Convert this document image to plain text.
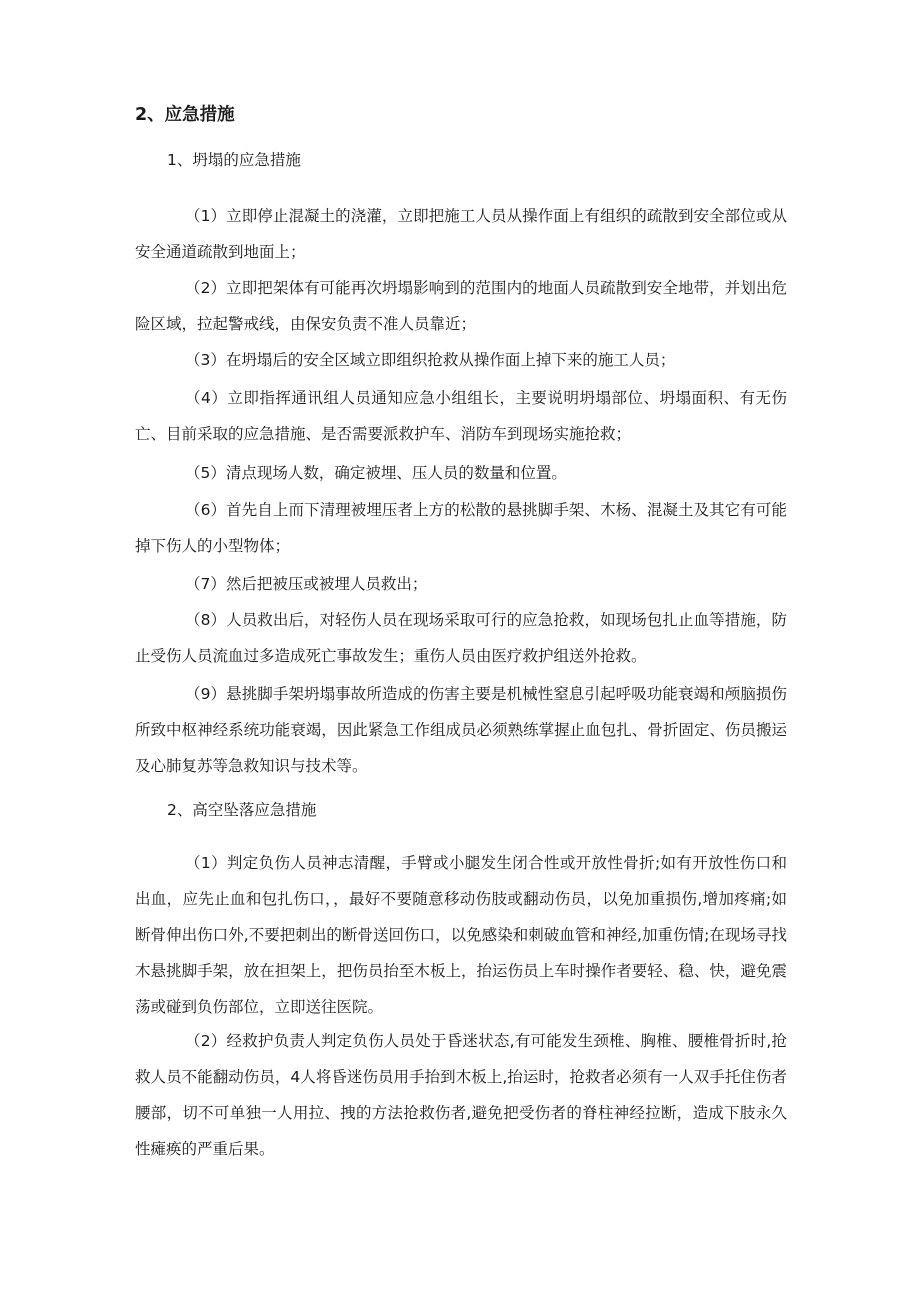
2、应急措施
1、坍塌的应急措施

（1）立即停止混凝土的浇灌，立即把施工人员从操作面上有组织的疏散到安全部位或从安全通道疏散到地面上；

（2）立即把架体有可能再次坍塌影响到的范围内的地面人员疏散到安全地带，并划出危险区域，拉起警戒线，由保安负责不准人员靠近；

（3）在坍塌后的安全区域立即组织抢救从操作面上掉下来的施工人员；

（4）立即指挥通讯组人员通知应急小组组长，主要说明坍塌部位、坍塌面积、有无伤亡、目前采取的应急措施、是否需要派救护车、消防车到现场实施抢救；

（5）清点现场人数，确定被埋、压人员的数量和位置。

（6）首先自上而下清理被埋压者上方的松散的悬挑脚手架、木杨、混凝土及其它有可能掉下伤人的小型物体；

（7）然后把被压或被埋人员救出；

（8）人员救出后，对轻伤人员在现场采取可行的应急抢救，如现场包扎止血等措施，防止受伤人员流血过多造成死亡事故发生；重伤人员由医疗救护组送外抢救。

（9）悬挑脚手架坍塌事故所造成的伤害主要是机械性窒息引起呼吸功能衰竭和颅脑损伤所致中枢神经系统功能衰竭，因此紧急工作组成员必须熟练掌握止血包扎、骨折固定、伤员搬运及心肺复苏等急救知识与技术等。

2、高空坠落应急措施

（1）判定负伤人员神志清醒，手臂或小腿发生闭合性或开放性骨折;如有开放性伤口和出血，应先止血和包扎伤口，，最好不要随意移动伤肢或翻动伤员，以免加重损伤,增加疼痛;如断骨伸出伤口外,不要把刺出的断骨送回伤口，以免感染和刺破血管和神经,加重伤情;在现场寻找木悬挑脚手架，放在担架上，把伤员抬至木板上，抬运伤员上车时操作者要轻、稳、快，避免震荡或碰到负伤部位，立即送往医院。

（2）经救护负责人判定负伤人员处于昏迷状态,有可能发生颈椎、胸椎、腰椎骨折时,抢救人员不能翻动伤员，4人将昏迷伤员用手抬到木板上,抬运时，抢救者必须有一人双手托住伤者腰部，切不可单独一人用拉、拽的方法抢救伤者,避免把受伤者的脊柱神经拉断，造成下肢永久性瘫痪的严重后果。
